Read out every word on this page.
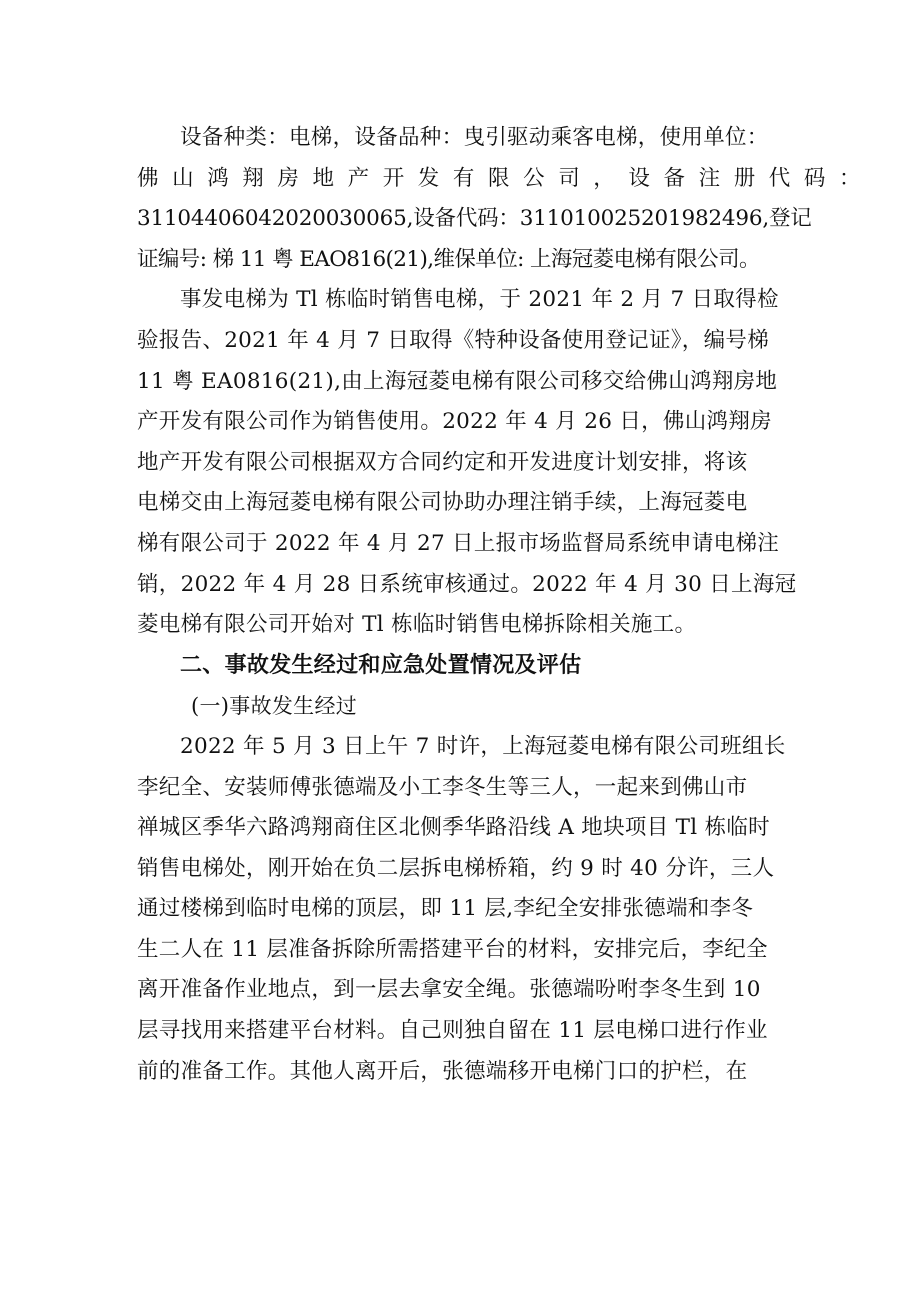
设备种类：电梯，设备品种：曳引驱动乘客电梯，使用单位：
佛山鸿翔房地产开发有限公司，设备注册代码：
31104406042020030065,设备代码：311010025201982496,登记
证编号: 梯 11 粤 EAO816(21),维保单位: 上海冠菱电梯有限公司。
事发电梯为 Tl 栋临时销售电梯，于 2021 年 2 月 7 日取得检
验报告、2021 年 4 月 7 日取得《特种设备使用登记证》，编号梯
11 粤 EA0816(21),由上海冠菱电梯有限公司移交给佛山鸿翔房地
产开发有限公司作为销售使用。2022 年 4 月 26 日，佛山鸿翔房
地产开发有限公司根据双方合同约定和开发进度计划安排，将该
电梯交由上海冠菱电梯有限公司协助办理注销手续，上海冠菱电
梯有限公司于 2022 年 4 月 27 日上报市场监督局系统申请电梯注
销，2022 年 4 月 28 日系统审核通过。2022 年 4 月 30 日上海冠
菱电梯有限公司开始对 Tl 栋临时销售电梯拆除相关施工。
二、事故发生经过和应急处置情况及评估
(一)事故发生经过
2022 年 5 月 3 日上午 7 时许，上海冠菱电梯有限公司班组长
李纪全、安装师傅张德端及小工李冬生等三人，一起来到佛山市
禅城区季华六路鸿翔商住区北侧季华路沿线 A 地块项目 Tl 栋临时
销售电梯处，刚开始在负二层拆电梯桥箱，约 9 时 40 分许，三人
通过楼梯到临时电梯的顶层，即 11 层,李纪全安排张德端和李冬
生二人在 11 层准备拆除所需搭建平台的材料，安排完后，李纪全
离开准备作业地点，到一层去拿安全绳。张德端吩咐李冬生到 10
层寻找用来搭建平台材料。自己则独自留在 11 层电梯口进行作业
前的准备工作。其他人离开后，张德端移开电梯门口的护栏，在
